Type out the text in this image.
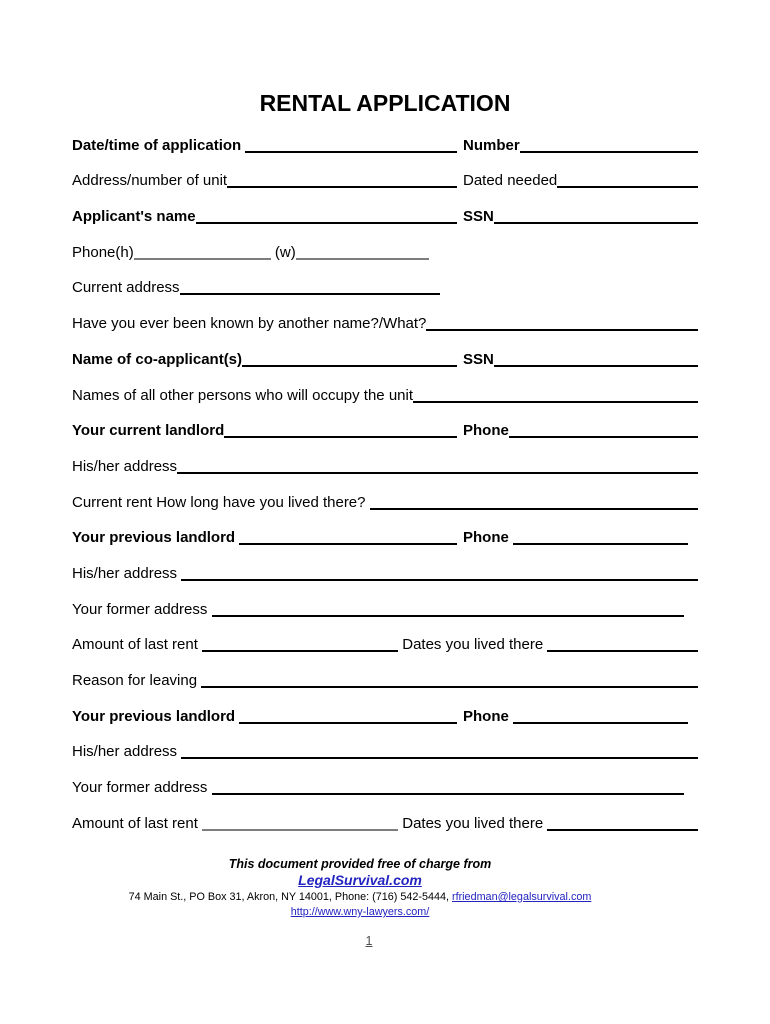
RENTAL APPLICATION
Date/time of application	Number
Address/number of unit	Dated needed
Applicant's name	SSN
Phone(h)	(w)
Current address
Have you ever been known by another name?/What?
Name of co-applicant(s)	SSN
Names of all other persons who will occupy the unit
Your current landlord	Phone
His/her address
Current rent How long have you lived there?
Your previous landlord	Phone
His/her address
Your former address
Amount of last rent	Dates you lived there
Reason for leaving
Your previous landlord	Phone
His/her address
Your former address
Amount of last rent	Dates you lived there
This document provided free of charge from
LegalSurvival.com
74 Main St., PO Box 31, Akron, NY 14001, Phone: (716) 542-5444, rfriedman@legalsurvival.com
http://www.wny-lawyers.com/
1
